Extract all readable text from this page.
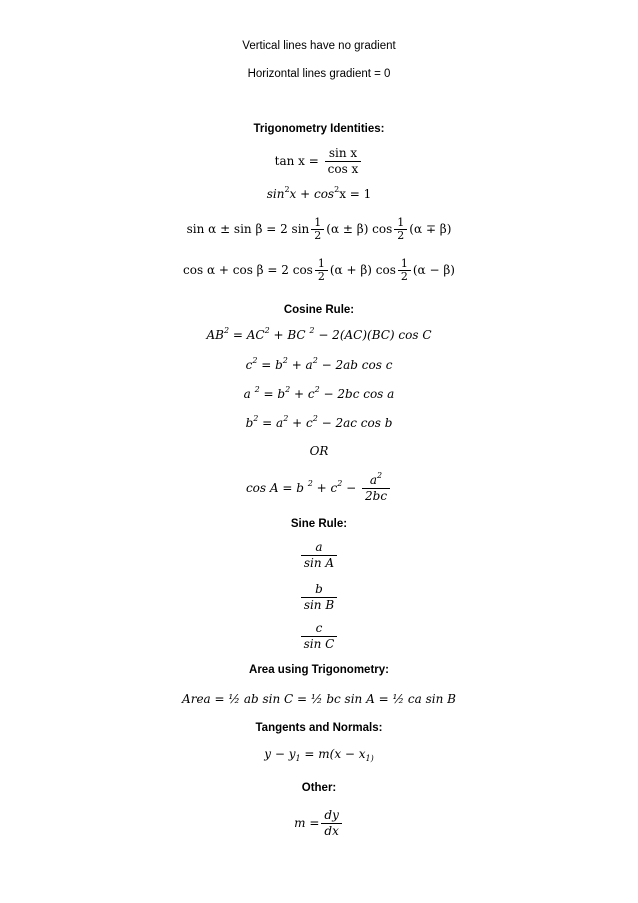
Vertical lines have no gradient
Horizontal lines gradient = 0
Trigonometry Identities:
$\tan x = \frac{\text{sin x}}{\text{cos x}}$
$\sin^2x + \cos^2x = 1$
sin α ± sin β = 2 $\sin \frac{1}{2} (\alpha \pm \beta)$ $\cos \frac{1}{2} (\alpha \mp \beta)$
cos α + cos β = 2 $\cos \frac{1}{2} (\alpha + \beta)$ $\cos \frac{1}{2} (\alpha - \beta)$
Cosine Rule:
$AB^2 = AC^2$ + BC $^2$ − 2(AC)(BC) cos C
$c^2 = b^2 + a^2 - 2ab$ cos c
a $^2 = b^2 + c^2 - 2bc$ cos a
$b^2 = a^2 + c^2 - 2ac$ cos b
OR
cos A = b $^2 + c^2 - \frac{a^2}{2bc}$
Sine Rule:
$\frac{a}{\text{sin A}}$
$\frac{b}{\text{sin B}}$
$\frac{c}{\text{sin C}}$
Area using Trigonometry:
Area = ½ ab sin C = ½ bc sin A = ½ ca sin B
Tangents and Normals:
$y - y_1 = m(x - x_{1)}$
Other:
$m = \frac{dy}{dx}$
